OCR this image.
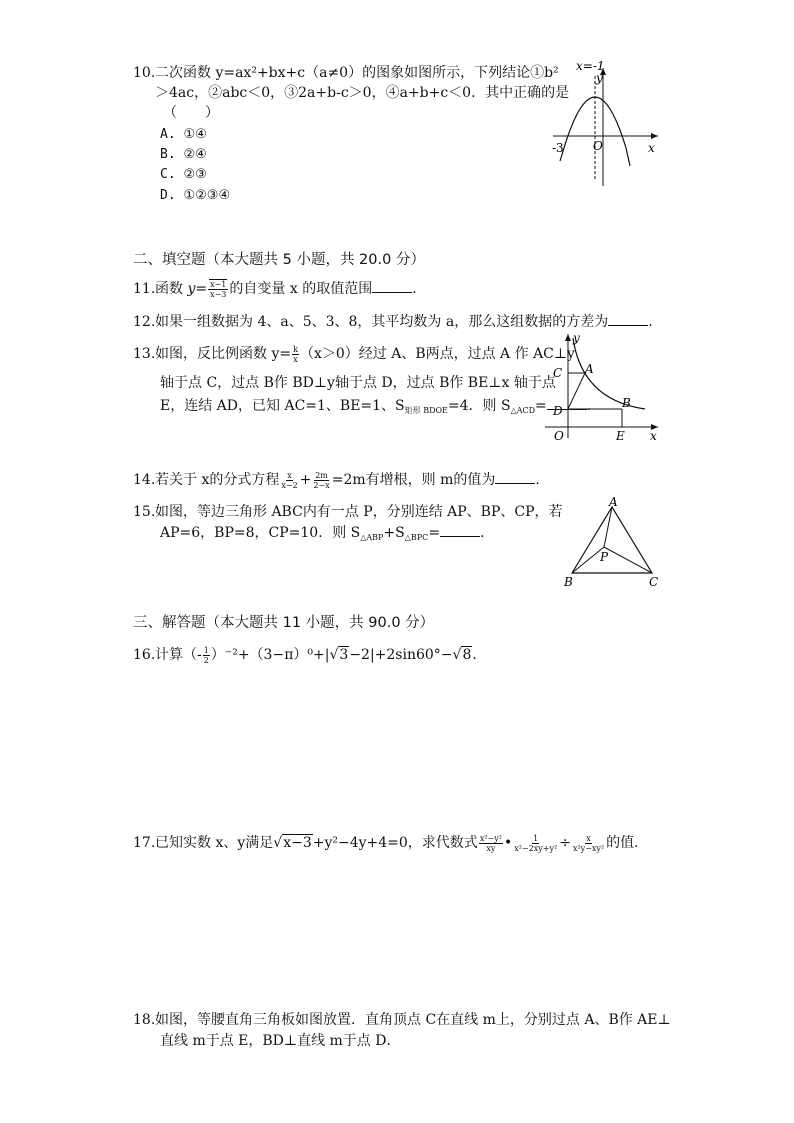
10.二次函数 y=ax²+bx+c（a≠0）的图象如图所示，下列结论①b²
＞4ac，②abc＜0，③2a+b-c＞0，④a+b+c＜0．其中正确的是
（　　）
A. ①④
B. ②④
C. ②③
D. ①②③④
x=-1
y
x
O
-3
二、填空题（本大题共 5 小题，共 20.0 分）
11.函数 $y= \frac{x-1}{x-3}$ 的自变量 x 的取值范围	.
12.如果一组数据为 4、a、5、3、8，其平均数为 a，那么这组数据的方差为	.
13.如图，反比例函数 $y= \frac{k}{x} (x>0)$经过 A、B两点，过点 A 作 AC⊥y
轴于点 C，过点 B作 BD⊥y轴于点 D，过点 B作 BE⊥x 轴于点
E，连结 AD，已知 AC=1、BE=1、$S_{矩形 BDOE}=4$．则 $S_{\triangle ACD}=$	.
y
x
C A
D
B
O	E
14.若关于 x的分式方程 $\frac{x}{x-2} + \frac{2m}{2-x} =2m$有增根，则 m的值为	.
15.如图，等边三角形 ABC内有一点 P，分别连结 AP、BP、CP，若
AP=6，BP=8，CP=10．则 $S_{\triangle ABP}+S_{\triangle BPC}=$	.
A
B	C
P
三、解答题（本大题共 11 小题，共 90.0 分）
16.计算（- $\frac{1}{2} )^{-2}+(3-\pi)^0+|√3-2|+2\sin 60^\circ-√8$.
17.已知实数 x、y满足√x−3+y²−4y+4=0，求代数式 $\frac{\text{x²−y²}}{xy}$ • $\frac{1}{\text{x²−2xy+y²}} \div \frac{x}{\text{x²y−xy²}}$ 的值．
18.如图，等腰直角三角板如图放置．直角顶点 C在直线 m上，分别过点 A、B作 AE⊥
直线 m于点 E，BD⊥直线 m于点 D．
